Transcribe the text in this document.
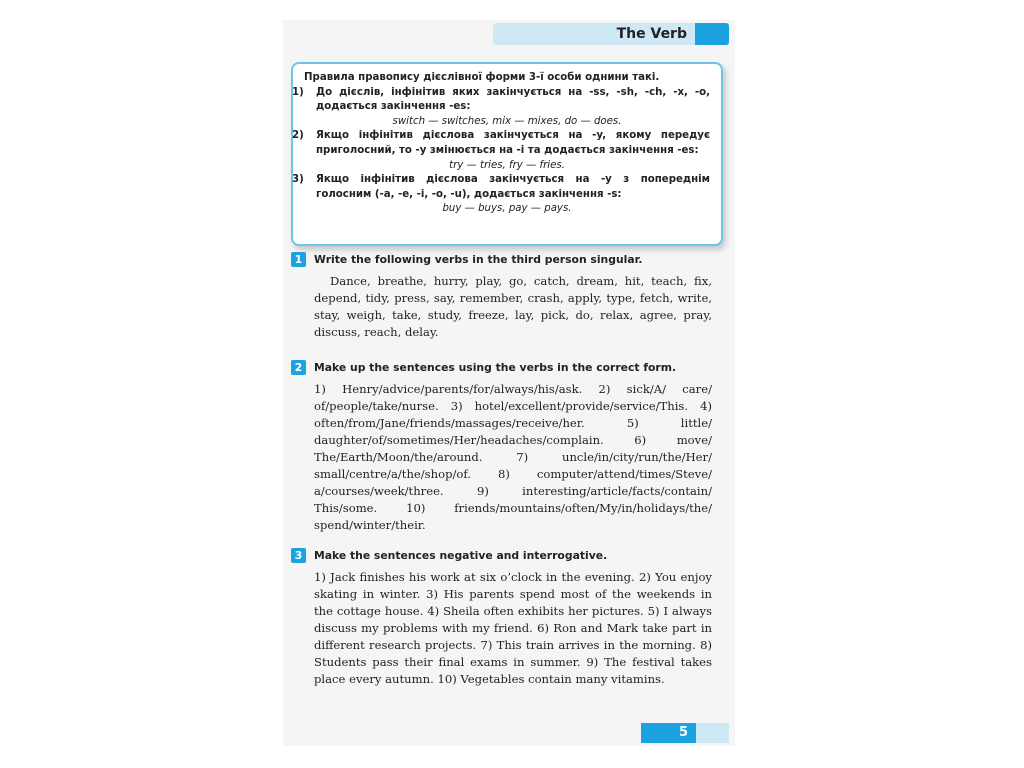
The Verb
Правила правопису дієслівної форми 3-ї особи однини такі.
1) До дієслів, інфінітив яких закінчується на -ss, -sh, -ch, -x, -o, додається закінчення -es:
switch — switches, mix — mixes, do — does.
2) Якщо інфінітив дієслова закінчується на -y, якому передує приголосний, то -y змінюється на -i та додається закінчення -es:
try — tries, fry — fries.
3) Якщо інфінітив дієслова закінчується на -y з попереднім голосним (-a, -e, -i, -o, -u), додається закінчення -s:
buy — buys, pay — pays.
1	Write the following verbs in the third person singular.
Dance, breathe, hurry, play, go, catch, dream, hit, teach, fix, depend, tidy, press, say, remember, crash, apply, type, fetch, write, stay, weigh, take, study, freeze, lay, pick, do, relax, agree, pray, discuss, reach, delay.
2	Make up the sentences using the verbs in the correct form.
1) Henry/advice/parents/for/always/his/ask. 2) sick/A/ care/ of/people/take/nurse. 3) hotel/excellent/provide/service/This. 4) often/from/Jane/friends/massages/receive/her. 5) little/ daughter/of/sometimes/Her/headaches/complain. 6) move/ The/Earth/Moon/the/around. 7) uncle/in/city/run/the/Her/ small/centre/a/the/shop/of. 8) computer/attend/times/Steve/ a/courses/week/three. 9) interesting/article/facts/contain/ This/some. 10) friends/mountains/often/My/in/holidays/the/ spend/winter/their.
3	Make the sentences negative and interrogative.
1) Jack finishes his work at six o’clock in the evening. 2) You enjoy skating in winter. 3) His parents spend most of the weekends in the cottage house. 4) Sheila often exhibits her pictures. 5) I always discuss my problems with my friend. 6) Ron and Mark take part in different research projects. 7) This train arrives in the morning. 8) Students pass their final exams in summer. 9) The festival takes place every autumn. 10) Vegetables contain many vitamins.
5
